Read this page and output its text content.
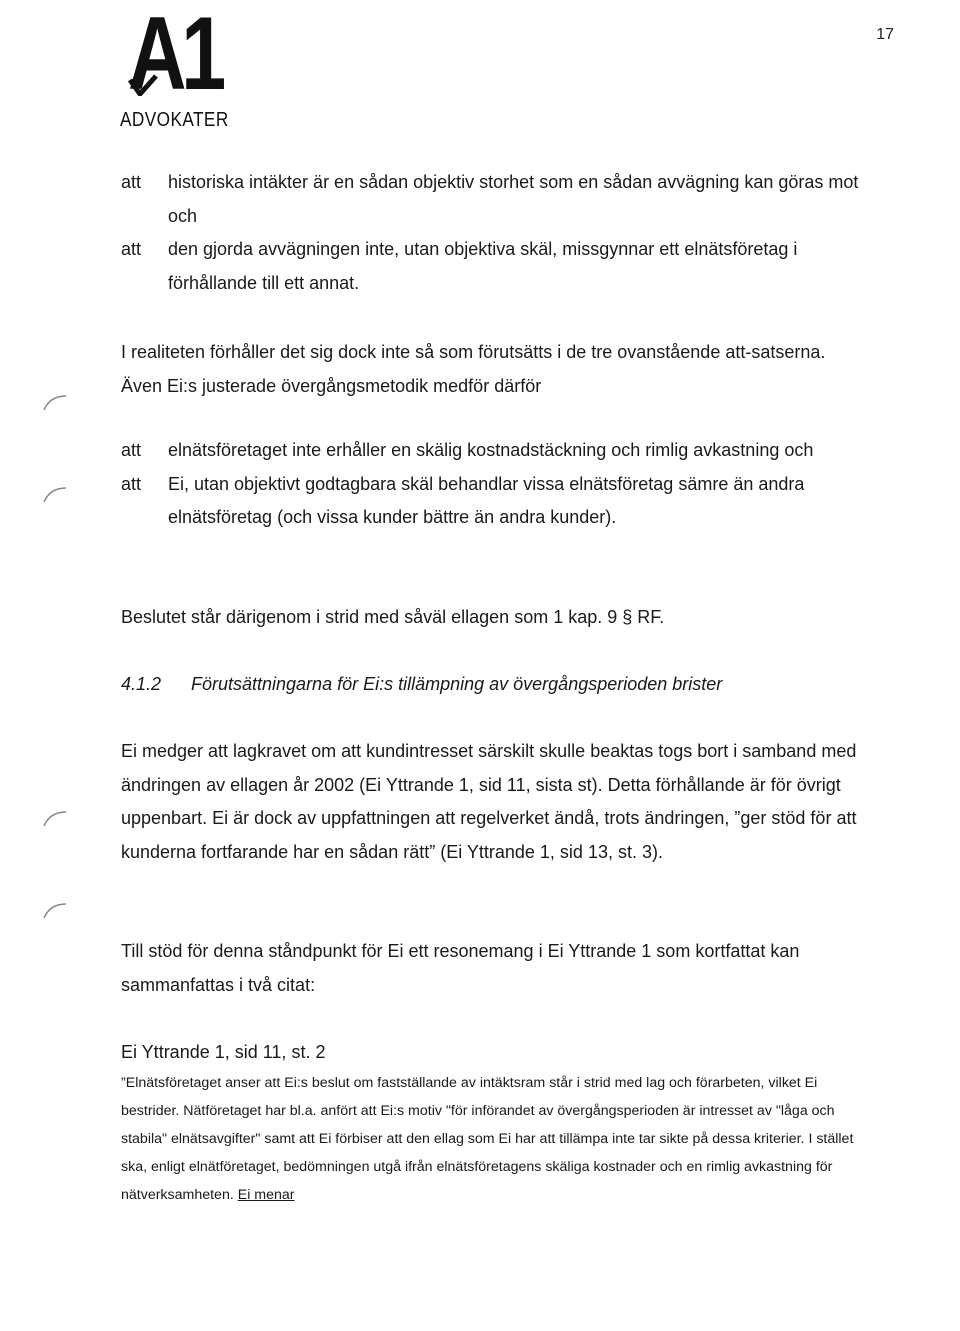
A1
ADVOKATER
17
att	historiska intäkter är en sådan objektiv storhet som en sådan avvägning kan göras mot och
att	den gjorda avvägningen inte, utan objektiva skäl, missgynnar ett elnätsföretag i förhållande till ett annat.
I realiteten förhåller det sig dock inte så som förutsätts i de tre ovanstående att-satserna. Även Ei:s justerade övergångsmetodik medför därför
att	elnätsföretaget inte erhåller en skälig kostnadstäckning och rimlig avkastning och
att	Ei, utan objektivt godtagbara skäl behandlar vissa elnätsföretag sämre än andra elnätsföretag (och vissa kunder bättre än andra kunder).
Beslutet står därigenom i strid med såväl ellagen som 1 kap. 9 § RF.
4.1.2 Förutsättningarna för Ei:s tillämpning av övergångsperioden brister
Ei medger att lagkravet om att kundintresset särskilt skulle beaktas togs bort i samband med ändringen av ellagen år 2002 (Ei Yttrande 1, sid 11, sista st). Detta förhållande är för övrigt uppenbart. Ei är dock av uppfattningen att regelverket ändå, trots ändringen, ”ger stöd för att kunderna fortfarande har en sådan rätt” (Ei Yttrande 1, sid 13, st. 3).
Till stöd för denna ståndpunkt för Ei ett resonemang i Ei Yttrande 1 som kortfattat kan sammanfattas i två citat:
Ei Yttrande 1, sid 11, st. 2
”Elnätsföretaget anser att Ei:s beslut om fastställande av intäktsram står i strid med lag och förarbeten, vilket Ei bestrider. Nätföretaget har bl.a. anfört att Ei:s motiv "för införandet av övergångsperioden är intresset av "låga och stabila" elnätsavgifter" samt att Ei förbiser att den ellag som Ei har att tillämpa inte tar sikte på dessa kriterier. I stället ska, enligt elnätföretaget, bedömningen utgå ifrån elnätsföretagens skäliga kostnader och en rimlig avkastning för nätverksamheten. Ei menar
